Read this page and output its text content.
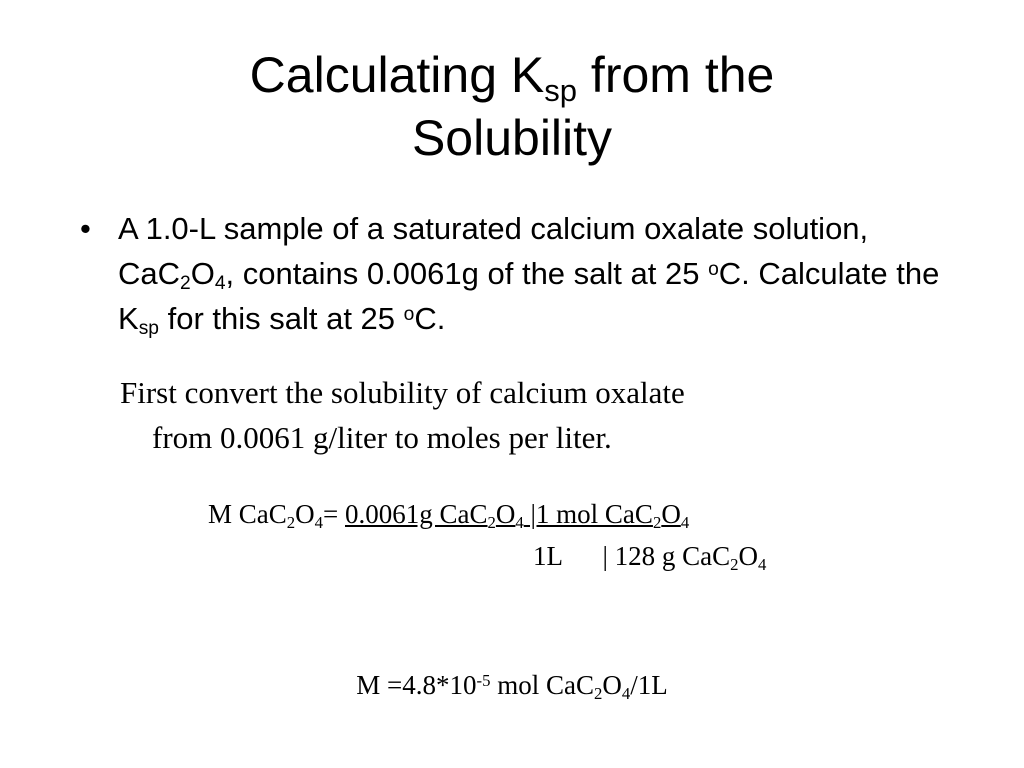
Calculating $K_{sp}$ from the
Solubility
• A 1.0-L sample of a saturated calcium oxalate solution, $CaC_2O_4$, contains 0.0061g of the salt at 25 $^o$C. Calculate the $K_{sp}$ for this salt at 25 $^o$C.
First convert the solubility of calcium oxalate
from 0.0061 g/liter to moles per liter.
M $CaC_2O_4= 0.0061g$ $CaC_2O_4$ |1 mol $CaC_2O_4$
1L      | 128 g $CaC_2O_4$
$M =4.8*10^{-5}$ mol $CaC_2O_4/1L$
